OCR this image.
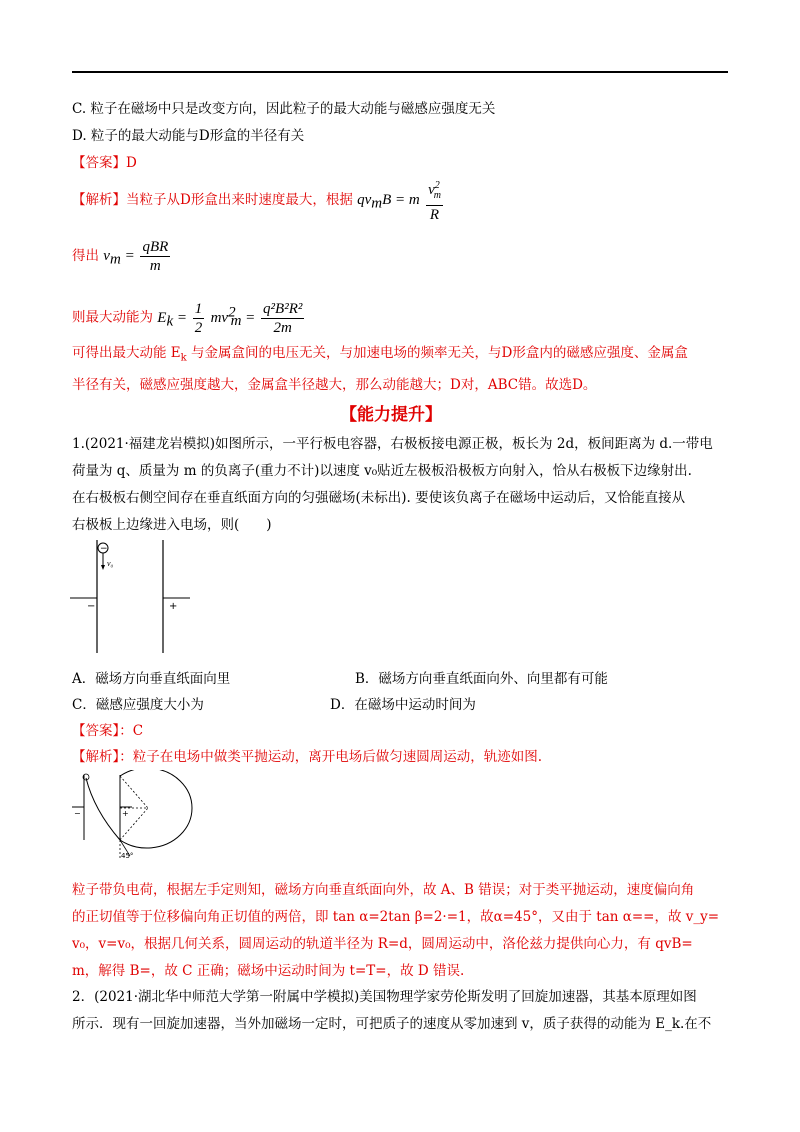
C. 粒子在磁场中只是改变方向，因此粒子的最大动能与磁感应强度无关
D. 粒子的最大动能与D形盒的半径有关
【答案】D
【解析】当粒子从D形盒出来时速度最大，根据 $qv_mB = m \frac{v^2_m}{R}$
得出 $v_m = \frac{\text{qBR}}{m}$
则最大动能为 $E_k = \frac{1}{2} mv^2_m = \frac{\text{q²B²R²}}{2m}$
可得出最大动能 $E_k$ 与金属盒间的电压无关，与加速电场的频率无关，与D形盒内的磁感应强度、金属盒
半径有关，磁感应强度越大，金属盒半径越大，那么动能越大；D对，ABC错。故选D。
【能力提升】
1.(2021·福建龙岩模拟)如图所示，一平行板电容器，右极板接电源正极，板长为 2d，板间距离为 d.一带电
荷量为 q、质量为 m 的负离子(重力不计)以速度 v₀贴近左极板沿极板方向射入，恰从右极板下边缘射出.
在右极板右侧空间存在垂直纸面方向的匀强磁场(未标出). 要使该负离子在磁场中运动后，又恰能直接从
右极板上边缘进入电场，则(　　)
−
v₀
−	+
A．磁场方向垂直纸面向里	B．磁场方向垂直纸面向外、向里都有可能
C．磁感应强度大小为	D．在磁场中运动时间为
【答案】：C
【解析】：粒子在电场中做类平抛运动，离开电场后做匀速圆周运动，轨迹如图.
−	+
45°
粒子带负电荷，根据左手定则知，磁场方向垂直纸面向外，故 A、B 错误；对于类平抛运动，速度偏向角
的正切值等于位移偏向角正切值的两倍，即 tan α=2tan β=2·=1，故α=45°，又由于 tan α==，故 v_y=
v₀，v=v₀，根据几何关系，圆周运动的轨道半径为 R=d，圆周运动中，洛伦兹力提供向心力，有 qvB=
m，解得 B=，故 C 正确；磁场中运动时间为 t=T=，故 D 错误.
2．(2021·湖北华中师范大学第一附属中学模拟)美国物理学家劳伦斯发明了回旋加速器，其基本原理如图
所示．现有一回旋加速器，当外加磁场一定时，可把质子的速度从零加速到 v，质子获得的动能为 E_k.在不
